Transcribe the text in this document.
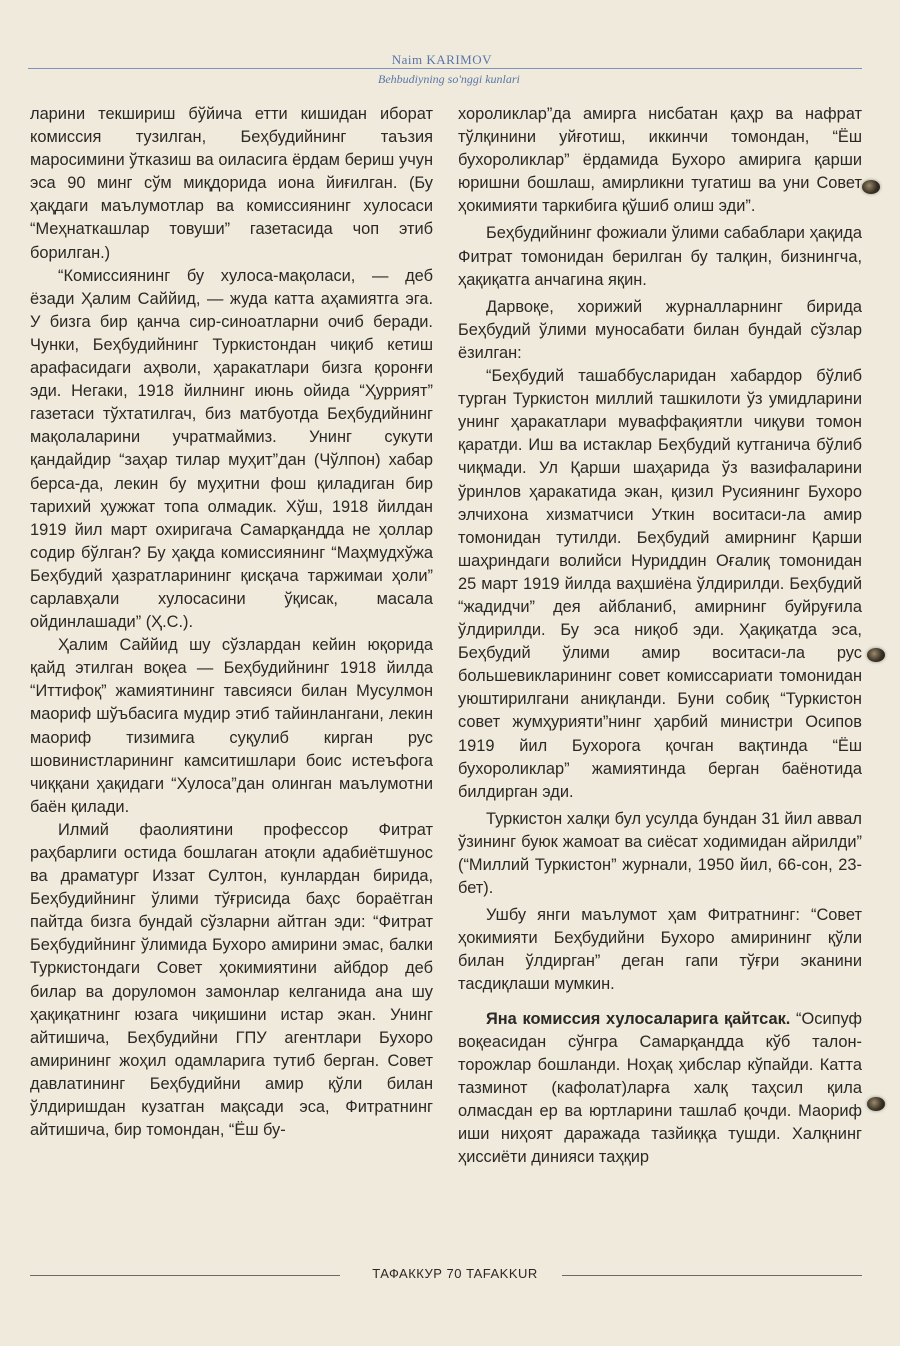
Naim KARIMOV
Behbudiyning so'nggi kunlari

ларини текшириш бўйича етти кишидан иборат комиссия тузилган, Беҳбудийнинг таъзия маросимини ўтказиш ва оиласига ёрдам бериш учун эса 90 минг сўм миқдорида иона йиғилган. (Бу ҳақдаги маълумотлар ва комиссиянинг хулосаси “Меҳнаткашлар товуши” газетасида чоп этиб борилган.)

“Комиссиянинг бу хулоса-мақоласи, — деб ёзади Ҳалим Саййид, — жуда катта аҳамиятга эга. У бизга бир қанча сир-синоатларни очиб беради. Чунки, Беҳбудийнинг Туркистондан чиқиб кетиш арафасидаги аҳволи, ҳаракатлари бизга қоронғи эди. Негаки, 1918 йилнинг июнь ойида “Ҳуррият” газетаси тўхтатилгач, биз матбуотда Беҳбудийнинг мақолаларини учратмаймиз. Унинг сукути қандайдир “заҳар тилар муҳит”дан (Чўлпон) хабар берса-да, лекин бу муҳитни фош қиладиган бир тарихий ҳужжат топа олмадик. Хўш, 1918 йилдан 1919 йил март охиригача Самарқандда не ҳоллар содир бўлган? Бу ҳақда комиссиянинг “Маҳмудхўжа Беҳбудий ҳазратларининг қисқача таржимаи ҳоли” сарлавҳали хулосасини ўқисак, масала ойдинлашади” (Ҳ.С.).

Ҳалим Саййид шу сўзлардан кейин юқорида қайд этилган воқеа — Беҳбудийнинг 1918 йилда “Иттифоқ” жамиятининг тавсияси билан Мусулмон маориф шўъбасига мудир этиб тайинлангани, лекин маориф тизимига суқулиб кирган рус шовинистларининг камситишлари боис истеъфога чиққани ҳақидаги “Хулоса”дан олинган маълумотни баён қилади.

Илмий фаолиятини профессор Фитрат раҳбарлиги остида бошлаган атоқли адабиётшунос ва драматург Иззат Султон, кунлардан бирида, Беҳбудийнинг ўлими тўғрисида баҳс бораётган пайтда бизга бундай сўзларни айтган эди: “Фитрат Беҳбудийнинг ўлимида Бухоро амирини эмас, балки Туркистондаги Совет ҳокимиятини айбдор деб билар ва доруломон замонлар келганида ана шу ҳақиқатнинг юзага чиқишини истар экан. Унинг айтишича, Беҳбудийни ГПУ агентлари Бухоро амирининг жоҳил одамларига тутиб берган. Совет давлатининг Беҳбудийни амир қўли билан ўлдиришдан кузатган мақсади эса, Фитратнинг айтишича, бир томондан, “Ёш бу-

хороликлар”да амирга нисбатан қаҳр ва нафрат тўлқинини уйғотиш, иккинчи томондан, “Ёш бухороликлар” ёрдамида Бухоро амирига қарши юришни бошлаш, амирликни тугатиш ва уни Совет ҳокимияти таркибига қўшиб олиш эди”.

Беҳбудийнинг фожиали ўлими сабаблари ҳақида Фитрат томонидан берилган бу талқин, бизнингча, ҳақиқатга анчагина яқин.

Дарвоқе, хорижий журналларнинг бирида Беҳбудий ўлими муносабати билан бундай сўзлар ёзилган:

“Беҳбудий ташаббусларидан хабардор бўлиб турган Туркистон миллий ташкилоти ўз умидларини унинг ҳаракатлари муваффақиятли чиқуви томон қаратди. Иш ва истаклар Беҳбудий кутганича бўлиб чиқмади. Ул Қарши шаҳарида ўз вазифаларини ўринлов ҳаракатида экан, қизил Русиянинг Бухоро элчихона хизматчиси Уткин воситаси-ла амир томонидан тутилди. Беҳбудий амирнинг Қарши шаҳриндаги волийси Нуриддин Оғалиқ томонидан 25 март 1919 йилда ваҳшиёна ўлдирилди. Беҳбудий “жадидчи” дея айбланиб, амирнинг буйруғила ўлдирилди. Бу эса ниқоб эди. Ҳақиқатда эса, Беҳбудий ўлими амир воситаси-ла рус большевикларининг совет комиссариати томонидан уюштирилгани аниқланди. Буни собиқ “Туркистон совет жумҳурияти”нинг ҳарбий министри Осипов 1919 йил Бухорога қочган вақтинда “Ёш бухороликлар” жамиятинда берган баёнотида билдирган эди.

Туркистон халқи бул усулда бундан 31 йил аввал ўзининг буюк жамоат ва сиёсат ходимидан айрилди” (“Миллий Туркистон” журнали, 1950 йил, 66-сон, 23-бет).

Ушбу янги маълумот ҳам Фитратнинг: “Совет ҳокимияти Беҳбудийни Бухоро амирининг қўли билан ўлдирган” деган гапи тўғри эканини тасдиқлаши мумкин.

Яна комиссия хулосаларига қайтсак. “Осипуф воқеасидан сўнгра Самарқандда кўб талон-торожлар бошланди. Ноҳақ ҳибслар кўпайди. Катта тазминот (кафолат)ларға халқ таҳсил қила олмасдан ер ва юртларини ташлаб қочди. Маориф иши ниҳоят даражада тазйиққа тушди. Халқнинг ҳиссиёти динияси таҳқир

ТАФАККУР 70 TAFAKKUR
